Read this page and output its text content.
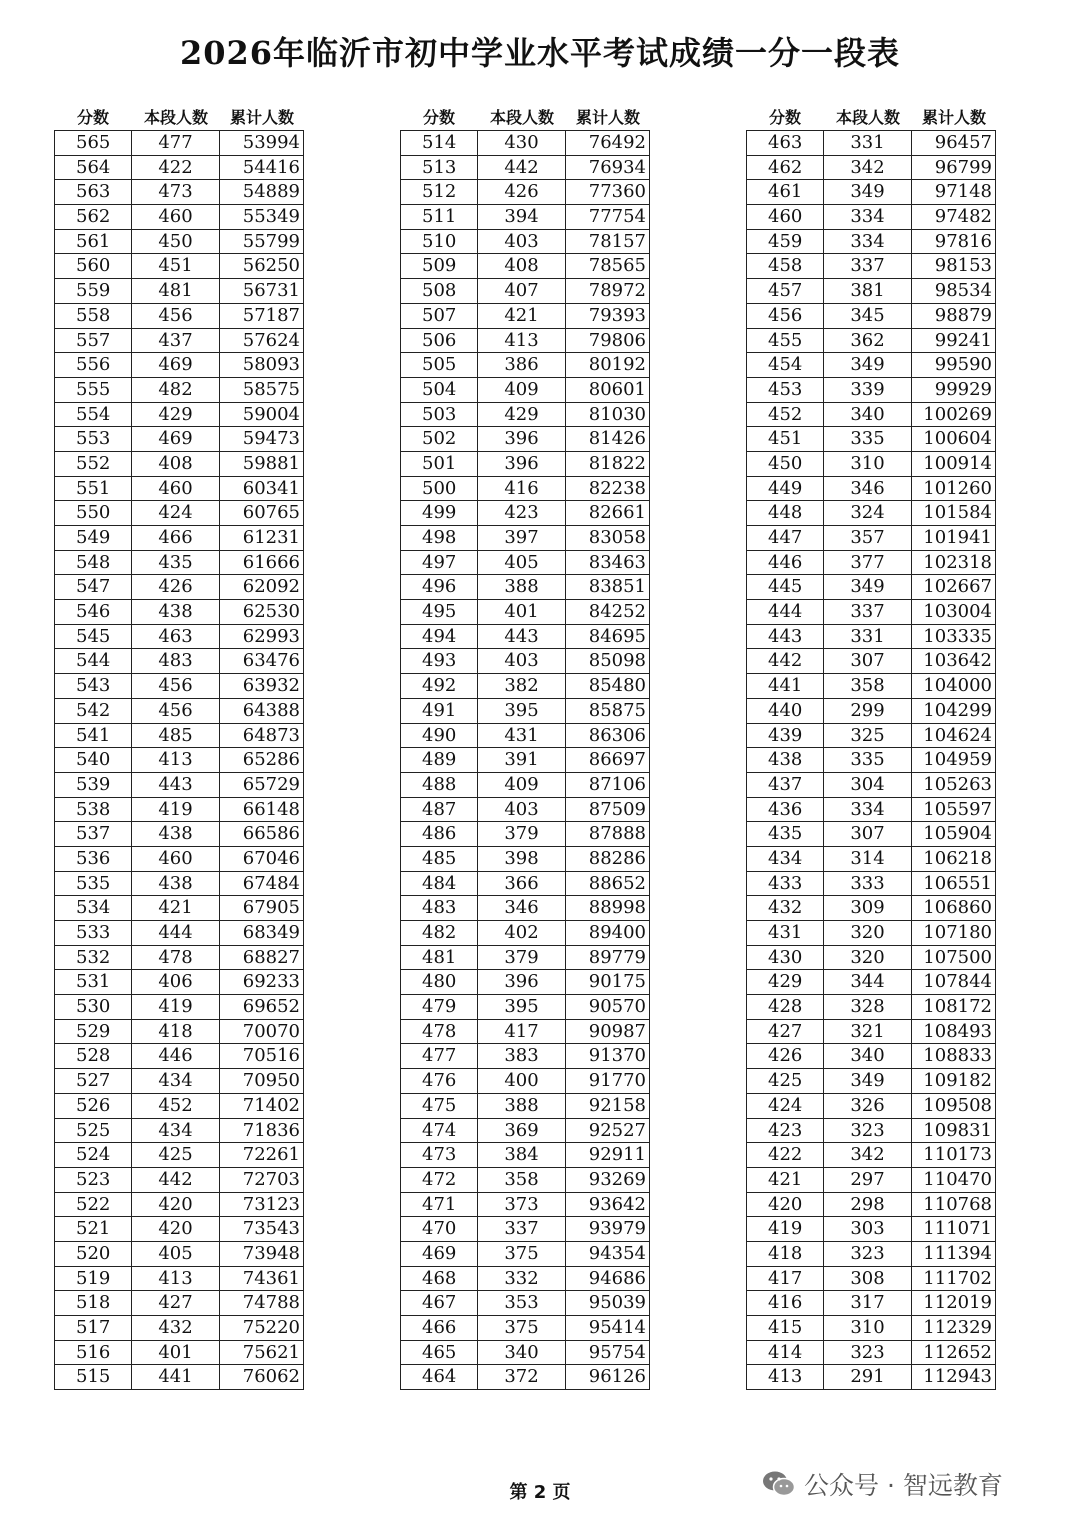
2026年临沂市初中学业水平考试成绩一分一段表
分数	本段人数	累计人数
565	477	53994
564	422	54416
563	473	54889
562	460	55349
561	450	55799
560	451	56250
559	481	56731
558	456	57187
557	437	57624
556	469	58093
555	482	58575
554	429	59004
553	469	59473
552	408	59881
551	460	60341
550	424	60765
549	466	61231
548	435	61666
547	426	62092
546	438	62530
545	463	62993
544	483	63476
543	456	63932
542	456	64388
541	485	64873
540	413	65286
539	443	65729
538	419	66148
537	438	66586
536	460	67046
535	438	67484
534	421	67905
533	444	68349
532	478	68827
531	406	69233
530	419	69652
529	418	70070
528	446	70516
527	434	70950
526	452	71402
525	434	71836
524	425	72261
523	442	72703
522	420	73123
521	420	73543
520	405	73948
519	413	74361
518	427	74788
517	432	75220
516	401	75621
515	441	76062
分数	本段人数	累计人数
514	430	76492
513	442	76934
512	426	77360
511	394	77754
510	403	78157
509	408	78565
508	407	78972
507	421	79393
506	413	79806
505	386	80192
504	409	80601
503	429	81030
502	396	81426
501	396	81822
500	416	82238
499	423	82661
498	397	83058
497	405	83463
496	388	83851
495	401	84252
494	443	84695
493	403	85098
492	382	85480
491	395	85875
490	431	86306
489	391	86697
488	409	87106
487	403	87509
486	379	87888
485	398	88286
484	366	88652
483	346	88998
482	402	89400
481	379	89779
480	396	90175
479	395	90570
478	417	90987
477	383	91370
476	400	91770
475	388	92158
474	369	92527
473	384	92911
472	358	93269
471	373	93642
470	337	93979
469	375	94354
468	332	94686
467	353	95039
466	375	95414
465	340	95754
464	372	96126
分数	本段人数	累计人数
463	331	96457
462	342	96799
461	349	97148
460	334	97482
459	334	97816
458	337	98153
457	381	98534
456	345	98879
455	362	99241
454	349	99590
453	339	99929
452	340	100269
451	335	100604
450	310	100914
449	346	101260
448	324	101584
447	357	101941
446	377	102318
445	349	102667
444	337	103004
443	331	103335
442	307	103642
441	358	104000
440	299	104299
439	325	104624
438	335	104959
437	304	105263
436	334	105597
435	307	105904
434	314	106218
433	333	106551
432	309	106860
431	320	107180
430	320	107500
429	344	107844
428	328	108172
427	321	108493
426	340	108833
425	349	109182
424	326	109508
423	323	109831
422	342	110173
421	297	110470
420	298	110768
419	303	111071
418	323	111394
417	308	111702
416	317	112019
415	310	112329
414	323	112652
413	291	112943
第 2 页	公众号 · 智远教育
